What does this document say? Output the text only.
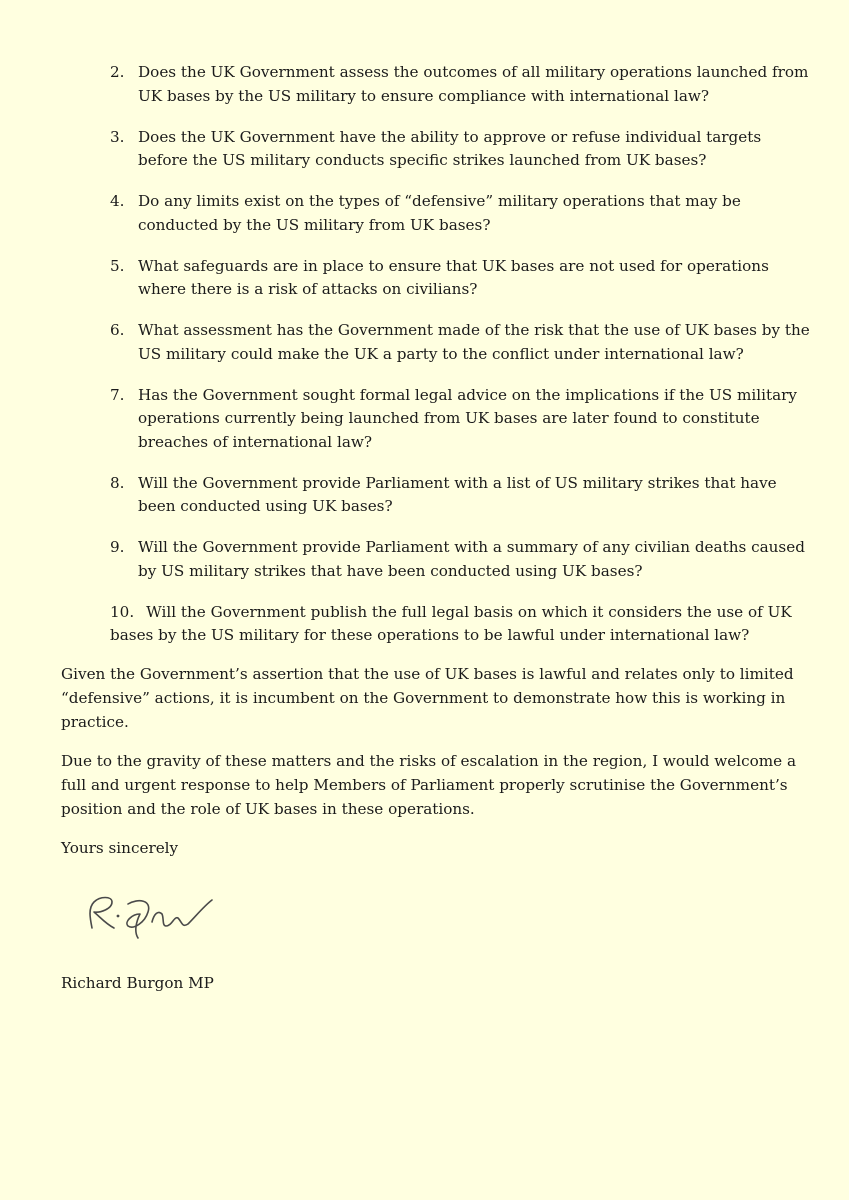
2. Does the UK Government assess the outcomes of all military operations launched from UK bases by the US military to ensure compliance with international law?
3. Does the UK Government have the ability to approve or refuse individual targets before the US military conducts specific strikes launched from UK bases?
4. Do any limits exist on the types of “defensive” military operations that may be conducted by the US military from UK bases?
5. What safeguards are in place to ensure that UK bases are not used for operations where there is a risk of attacks on civilians?
6. What assessment has the Government made of the risk that the use of UK bases by the US military could make the UK a party to the conflict under international law?
7. Has the Government sought formal legal advice on the implications if the US military operations currently being launched from UK bases are later found to constitute breaches of international law?
8. Will the Government provide Parliament with a list of US military strikes that have been conducted using UK bases?
9. Will the Government provide Parliament with a summary of any civilian deaths caused by US military strikes that have been conducted using UK bases?
10. Will the Government publish the full legal basis on which it considers the use of UK bases by the US military for these operations to be lawful under international law?

Given the Government’s assertion that the use of UK bases is lawful and relates only to limited “defensive” actions, it is incumbent on the Government to demonstrate how this is working in practice.

Due to the gravity of these matters and the risks of escalation in the region, I would welcome a full and urgent response to help Members of Parliament properly scrutinise the Government’s position and the role of UK bases in these operations.

Yours sincerely

Richard Burgon MP
